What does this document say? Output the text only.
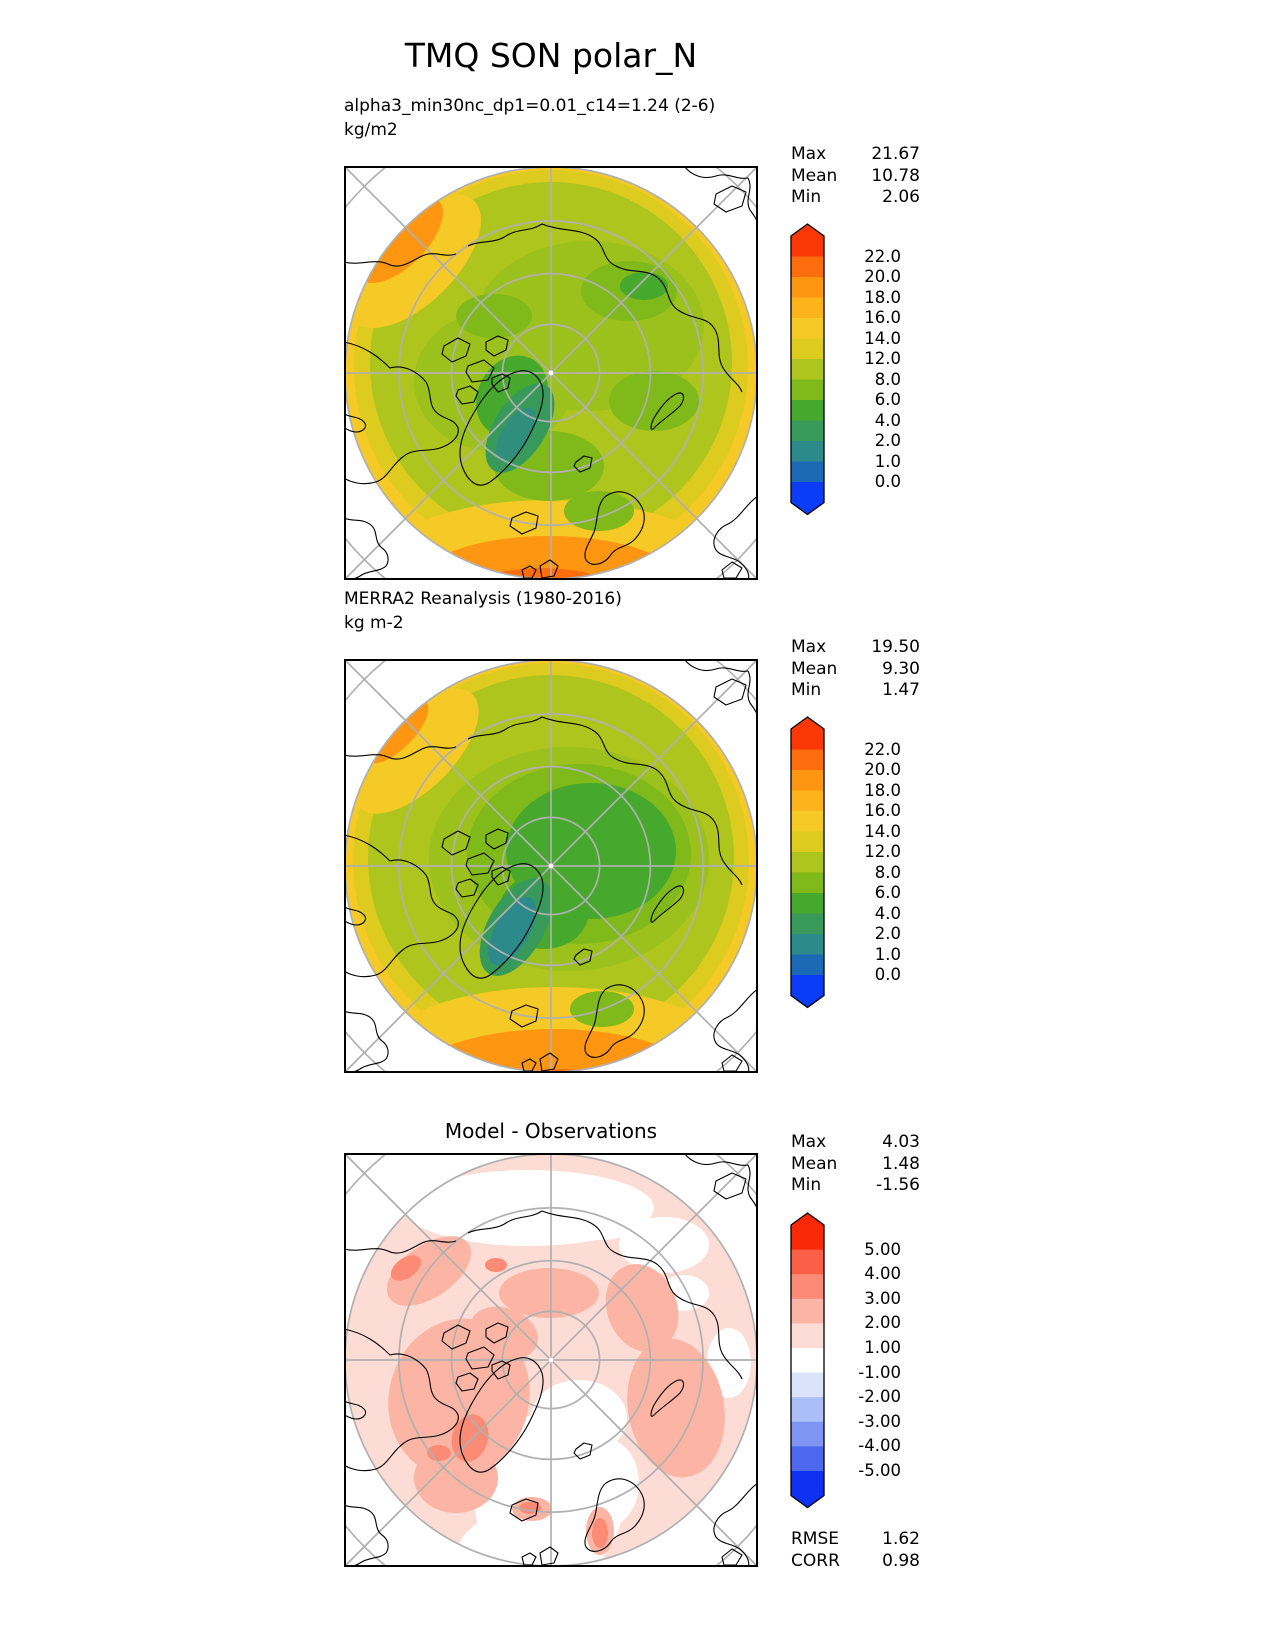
TMQ SON polar_N
alpha3_min30nc_dp1=0.01_c14=1.24 (2-6)
kg/m2
Max	21.67
Mean 10.78
Min	2.06
22.0
20.0
18.0
16.0
14.0
12.0
8.0
6.0
4.0
2.0
1.0
0.0
MERRA2 Reanalysis (1980-2016)
kg m-2
Max	19.50
Mean	9.30
Min	1.47
22.0
20.0
18.0
16.0
14.0
12.0
8.0
6.0
4.0
2.0
1.0
0.0
Model - Observations	Max	4.03
Mean	1.48
Min	-1.56
5.00
4.00
3.00
2.00
1.00
-1.00
-2.00
-3.00
-4.00
-5.00
RMSE	1.62
CORR 0.98
